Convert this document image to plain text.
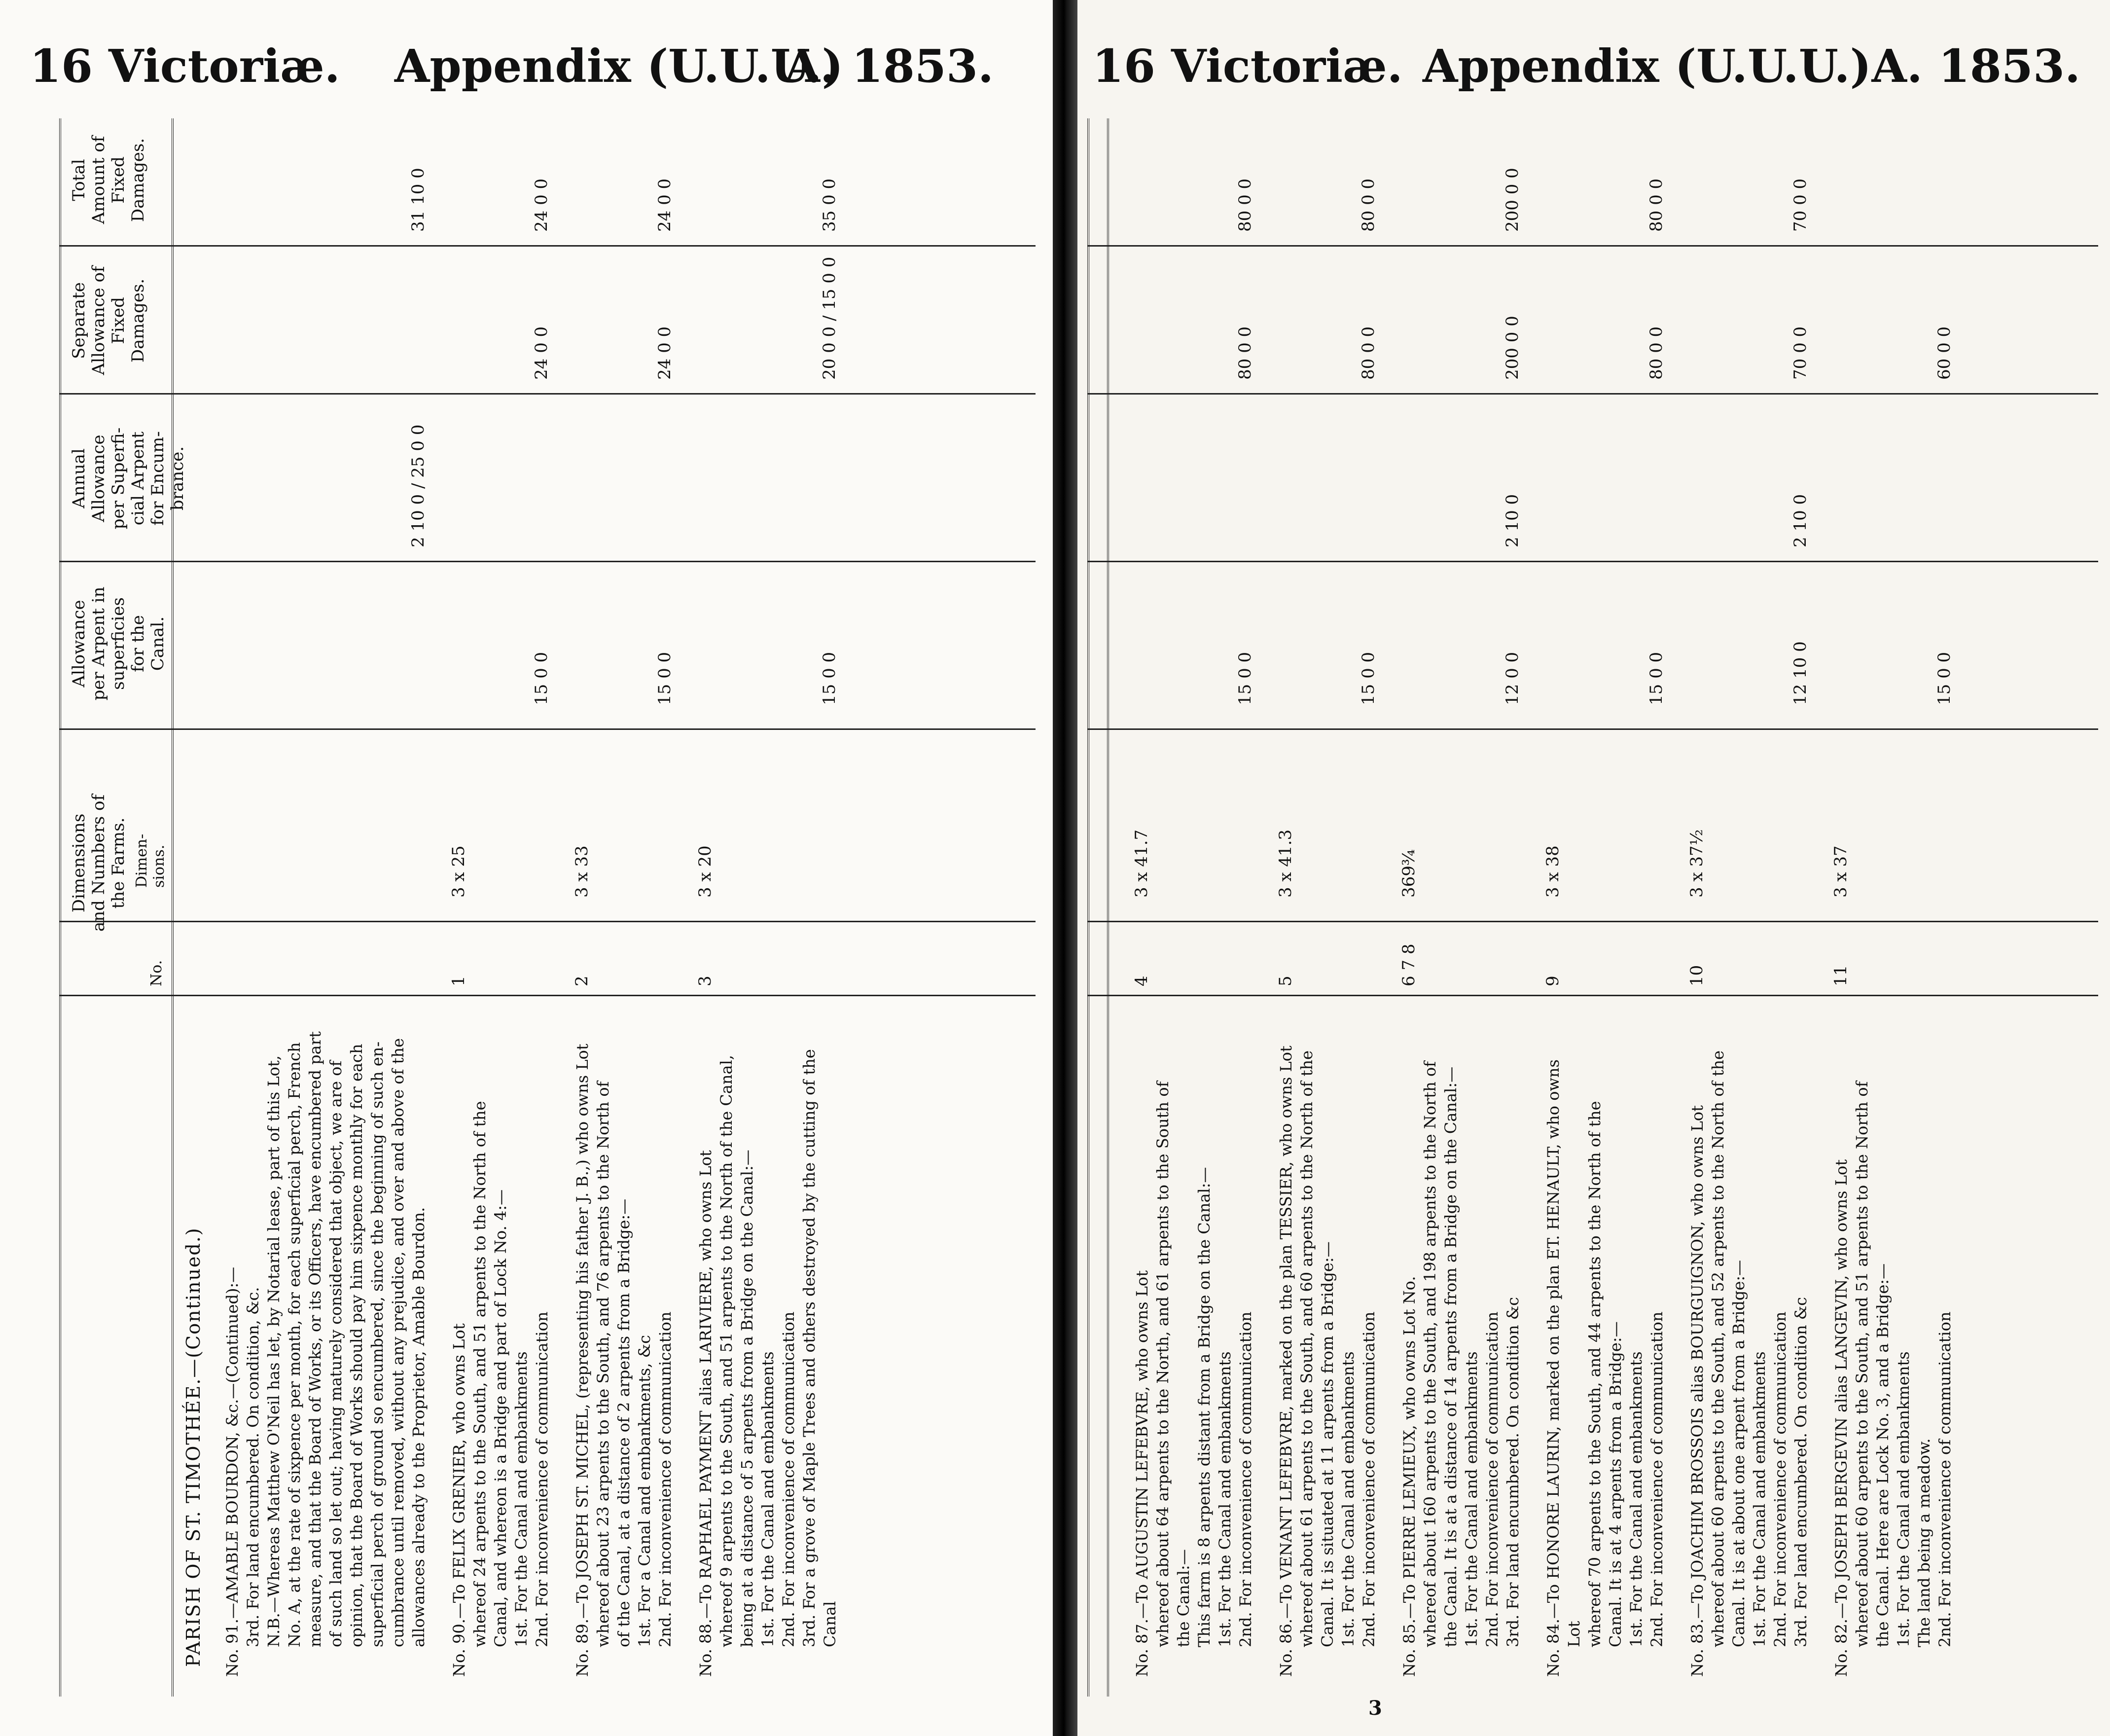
16 Victoriæ. Appendix (U.U.U.)
A. 1853.
PARISH OF ST. TIMOTHÉE.—(Continued.)
Dimensions
and Numbers of
the Farms.
Allowance
per Arpent in
superficies
for the
Canal.
Annual
Allowance
per Superfi-
cial Arpent
for Encum-
brance.
Separate
Allowance of
Fixed
Damages.
Total
Amount of
Fixed
Damages.
No.
Dimen-
sions.
No. 91.—AMABLE BOURDON, &c.—(Continued):— 3rd. For land encumbered. On condition, &c. N.B.—Whereas Matthew O'Neil has let, by Notarial lease, part of this Lot, No. A, at the rate of sixpence per month, for each superficial perch, French measure, and that the Board of Works, or its Officers, have encumbered part of such land so let out; having maturely considered that object, we are of opinion, that the Board of Works should pay him sixpence monthly for each superficial perch of ground so encumbered, since the beginning of such en- cumbrance until removed, without any prejudice, and over and above of the allowances already to the Proprietor, Amable Bourdon.
2 10 0 / 25 0 0
31 10 0
No. 90.—To FELIX GRENIER, who owns Lot whereof 24 arpents to the South, and 51 arpents to the North of the Canal, and whereon is a Bridge and part of Lock No. 4:— 1st. For the Canal and embankments 2nd. For inconvenience of communication
1
3 x 25
15 0 0
24 0 0
24 0 0
No. 89.—To JOSEPH ST. MICHEL, (representing his father J. B.,) who owns Lot whereof about 23 arpents to the South, and 76 arpents to the North of of the Canal, at a distance of 2 arpents from a Bridge:— 1st. For a Canal and embankments, &c 2nd. For inconvenience of communication
2
3 x 33
15 0 0
24 0 0
24 0 0
No. 88.—To RAPHAEL PAYMENT alias LARIVIERE, who owns Lot whereof 9 arpents to the South, and 51 arpents to the North of the Canal, being at a distance of 5 arpents from a Bridge on the Canal:— 1st. For the Canal and embankments 2nd. For inconvenience of communication 3rd. For a grove of Maple Trees and others destroyed by the cutting of the Canal
3
3 x 20
15 0 0
20 0 0 / 15 0 0
35 0 0
16 Victoriæ. Appendix (U.U.U.) A. 1853.
No. 87.—To AUGUSTIN LEFEBVRE, who owns Lot whereof about 64 arpents to the North, and 61 arpents to the South of the Canal:— This farm is 8 arpents distant from a Bridge on the Canal:— 1st. For the Canal and embankments 2nd. For inconvenience of communication
4
3 x 41.7
15 0 0
80 0 0
80 0 0
No. 86.—To VENANT LEFEBVRE, marked on the plan TESSIER, who owns Lot whereof about 61 arpents to the South, and 60 arpents to the North of the Canal. It is situated at 11 arpents from a Bridge:— 1st. For the Canal and embankments 2nd. For inconvenience of communication
5
3 x 41.3
15 0 0
80 0 0
80 0 0
No. 85.—To PIERRE LEMIEUX, who owns Lot No. whereof about 160 arpents to the South, and 198 arpents to the North of the Canal. It is at a distance of 14 arpents from a Bridge on the Canal:— 1st. For the Canal and embankments 2nd. For inconvenience of communication 3rd. For land encumbered. On condition &c
6 7 8
369¾
12 0 0
2 10 0
200 0 0
200 0 0
No. 84.—To HONORE LAURIN, marked on the plan ET. HENAULT, who owns Lot whereof 70 arpents to the South, and 44 arpents to the North of the Canal. It is at 4 arpents from a Bridge:— 1st. For the Canal and embankments 2nd. For inconvenience of communication
9
3 x 38
15 0 0
80 0 0
80 0 0
No. 83.—To JOACHIM BROSSOIS alias BOURGUIGNON, who owns Lot whereof about 60 arpents to the South, and 52 arpents to the North of the Canal. It is at about one arpent from a Bridge:— 1st. For the Canal and embankments 2nd. For inconvenience of communication 3rd. For land encumbered. On condition &c
10
3 x 37½
12 10 0
2 10 0
70 0 0
70 0 0
No. 82.—To JOSEPH BERGEVIN alias LANGEVIN, who owns Lot whereof about 60 arpents to the South, and 51 arpents to the North of the Canal. Here are Lock No. 3, and a Bridge:— 1st. For the Canal and embankments The land being a meadow. 2nd. For inconvenience of communication
11
3 x 37
15 0 0
60 0 0
3
